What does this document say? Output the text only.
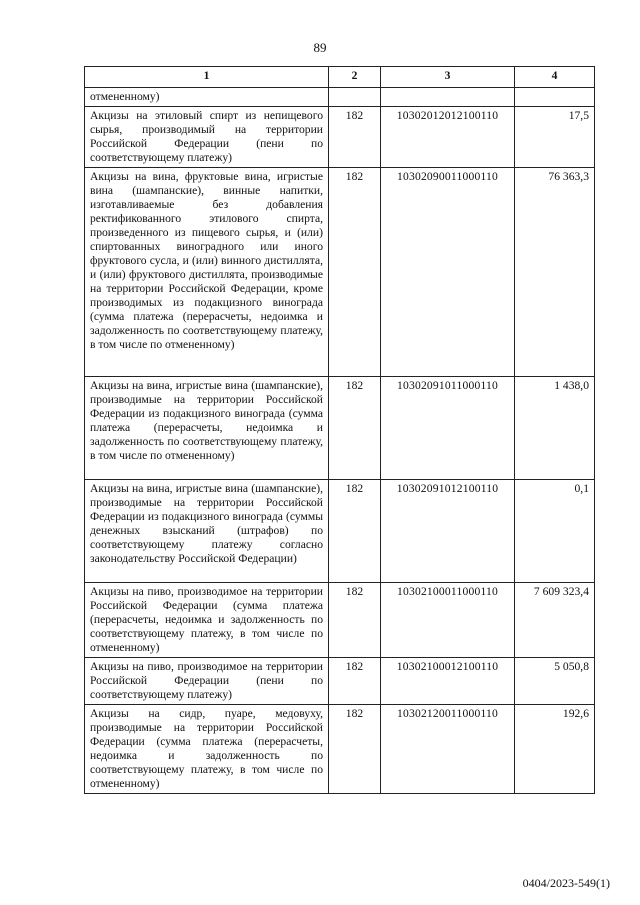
89
1	2	3	4
отмененному)			
Акцизы на этиловый спирт из непищевого сырья, производимый на территории Российской Федерации (пени по соответствующему платежу)	182	10302012012100110	17,5
Акцизы на вина, фруктовые вина, игристые вина (шампанские), винные напитки, изготавливаемые без добавления ректификованного этилового спирта, произведенного из пищевого сырья, и (или) спиртованных виноградного или иного фруктового сусла, и (или) винного дистиллята, и (или) фруктового дистиллята, производимые на территории Российской Федерации, кроме производимых из подакцизного винограда (сумма платежа (перерасчеты, недоимка и задолженность по соответствующему платежу, в том числе по отмененному)	182	10302090011000110	76 363,3
Акцизы на вина, игристые вина (шампанские), производимые на территории Российской Федерации из подакцизного винограда (сумма платежа (перерасчеты, недоимка и задолженность по соответствующему платежу, в том числе по отмененному)	182	10302091011000110	1 438,0
Акцизы на вина, игристые вина (шампанские), производимые на территории Российской Федерации из подакцизного винограда (суммы денежных взысканий (штрафов) по соответствующему платежу согласно законодательству Российской Федерации)	182	10302091012100110	0,1
Акцизы на пиво, производимое на территории Российской Федерации (сумма платежа (перерасчеты, недоимка и задолженность по соответствующему платежу, в том числе по отмененному)	182	10302100011000110	7 609 323,4
Акцизы на пиво, производимое на территории Российской Федерации (пени по соответствующему платежу)	182	10302100012100110	5 050,8
Акцизы на сидр, пуаре, медовуху, производимые на территории Российской Федерации (сумма платежа (перерасчеты, недоимка и задолженность по соответствующему платежу, в том числе по отмененному)	182	10302120011000110	192,6
0404/2023-549(1)
